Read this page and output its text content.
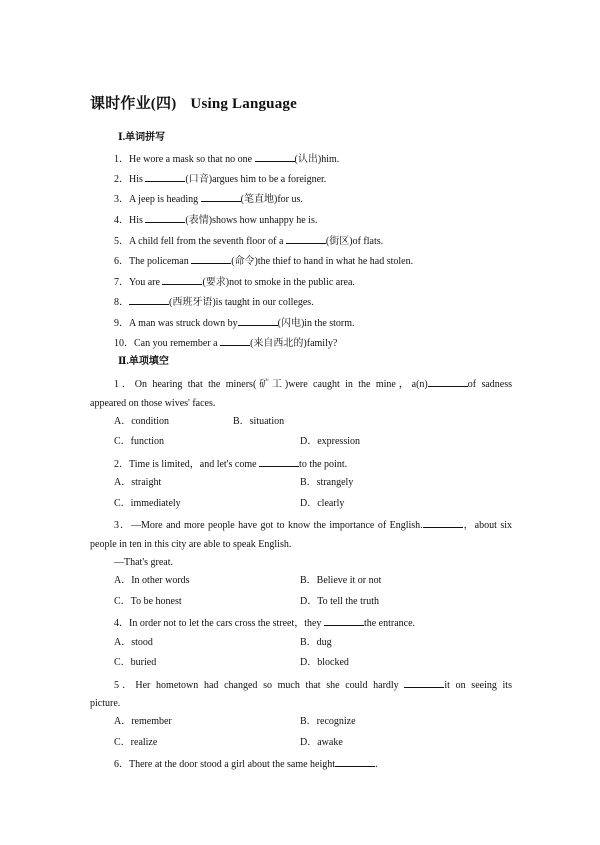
课时作业(四) Using Language
Ⅰ.单词拼写
1．He wore a mask so that no one	(认出)him.
2．His	(口音)argues him to be a foreigner.
3．A jeep is heading	(笔直地)for us.
4．His	(表情)shows how unhappy he is.
5．A child fell from the seventh floor of a	(街区)of flats.
6．The policeman	(命令)the thief to hand in what he had stolen.
7．You are	(要求)not to smoke in the public area.
8．	(西班牙语)is taught in our colleges.
9．A man was struck down by	(闪电)in the storm.
10．Can you remember a	(来自西北的)family?
Ⅱ.单项填空
1．On hearing that the miners(矿工)were caught in the mine，a(n)	of sadness
appeared on those wives' faces.
A．condition	B．situation
C．function	D．expression
2．Time is limited，and let's come	to the point.
A．straight	B．strangely
C．immediately	D．clearly
3．—More and more people have got to know the importance of English.	，about six
people in ten in this city are able to speak English.
—That's great.
A．In other words	B．Believe it or not
C．To be honest	D．To tell the truth
4．In order not to let the cars cross the street，they	the entrance.
A．stood	B．dug
C．buried	D．blocked
5．Her hometown had changed so much that she could hardly	it on seeing its
picture.
A．remember	B．recognize
C．realize	D．awake
6．There at the door stood a girl about the same height	.
